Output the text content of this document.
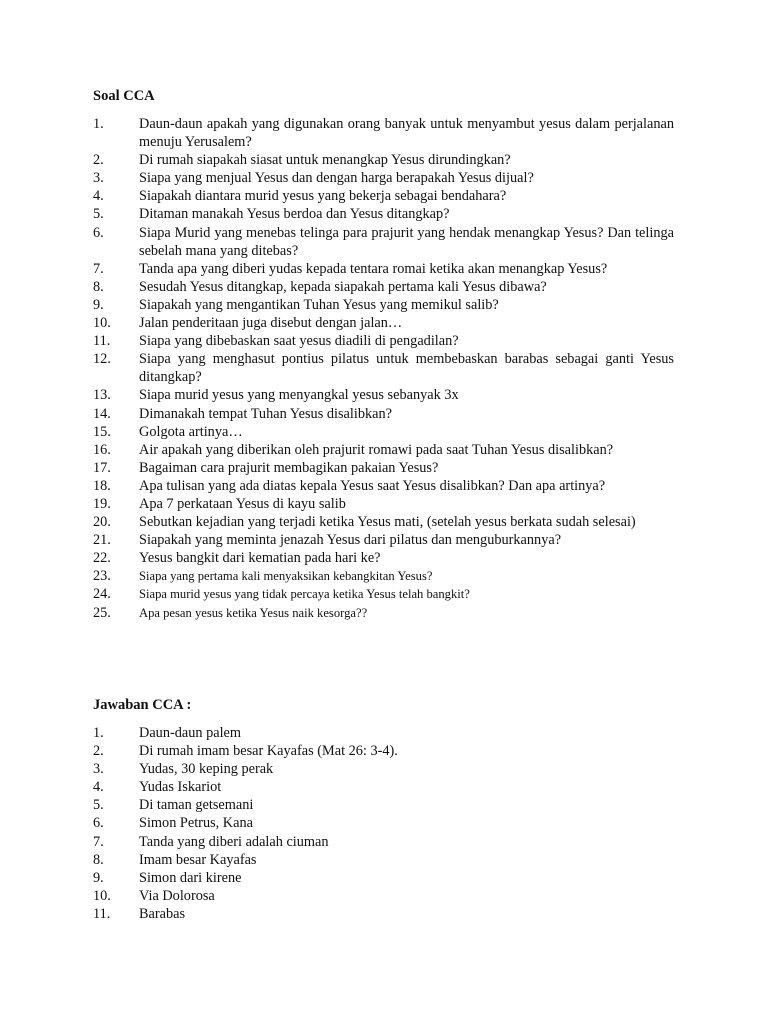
Soal CCA
1.	Daun-daun apakah yang digunakan orang banyak untuk menyambut yesus dalam perjalanan menuju Yerusalem?
2.	Di rumah siapakah siasat untuk menangkap Yesus dirundingkan?
3.	Siapa yang menjual Yesus dan dengan harga berapakah Yesus dijual?
4.	Siapakah diantara murid yesus yang bekerja sebagai bendahara?
5.	Ditaman manakah Yesus berdoa dan Yesus ditangkap?
6.	Siapa Murid yang menebas telinga para prajurit yang hendak menangkap Yesus? Dan telinga sebelah mana yang ditebas?
7.	Tanda apa yang diberi yudas kepada tentara romai ketika akan menangkap Yesus?
8.	Sesudah Yesus ditangkap, kepada siapakah pertama kali Yesus dibawa?
9.	Siapakah yang mengantikan Tuhan Yesus yang memikul salib?
10.	Jalan penderitaan juga disebut dengan jalan…
11.	Siapa yang dibebaskan saat yesus diadili di pengadilan?
12.	Siapa yang menghasut pontius pilatus untuk membebaskan barabas sebagai ganti Yesus ditangkap?
13.	Siapa murid yesus yang menyangkal yesus sebanyak 3x
14.	Dimanakah tempat Tuhan Yesus disalibkan?
15.	Golgota artinya…
16.	Air apakah yang diberikan oleh prajurit romawi pada saat Tuhan Yesus disalibkan?
17.	Bagaiman cara prajurit membagikan pakaian Yesus?
18.	Apa tulisan yang ada diatas kepala Yesus saat Yesus disalibkan? Dan apa artinya?
19.	Apa 7 perkataan Yesus di kayu salib
20.	Sebutkan kejadian yang terjadi ketika Yesus mati, (setelah yesus berkata sudah selesai)
21.	Siapakah yang meminta jenazah Yesus dari pilatus dan menguburkannya?
22.	Yesus bangkit dari kematian pada hari ke?
23.	Siapa yang pertama kali menyaksikan kebangkitan Yesus?
24.	Siapa murid yesus yang tidak percaya ketika Yesus telah bangkit?
25.	Apa pesan yesus ketika Yesus naik kesorga??
Jawaban CCA :
1.	Daun-daun palem
2.	Di rumah imam besar Kayafas (Mat 26: 3-4).
3.	Yudas, 30 keping perak
4.	Yudas Iskariot
5.	Di taman getsemani
6.	Simon Petrus, Kana
7.	Tanda yang diberi adalah ciuman
8.	Imam besar Kayafas
9.	Simon dari kirene
10.	Via Dolorosa
11.	Barabas
